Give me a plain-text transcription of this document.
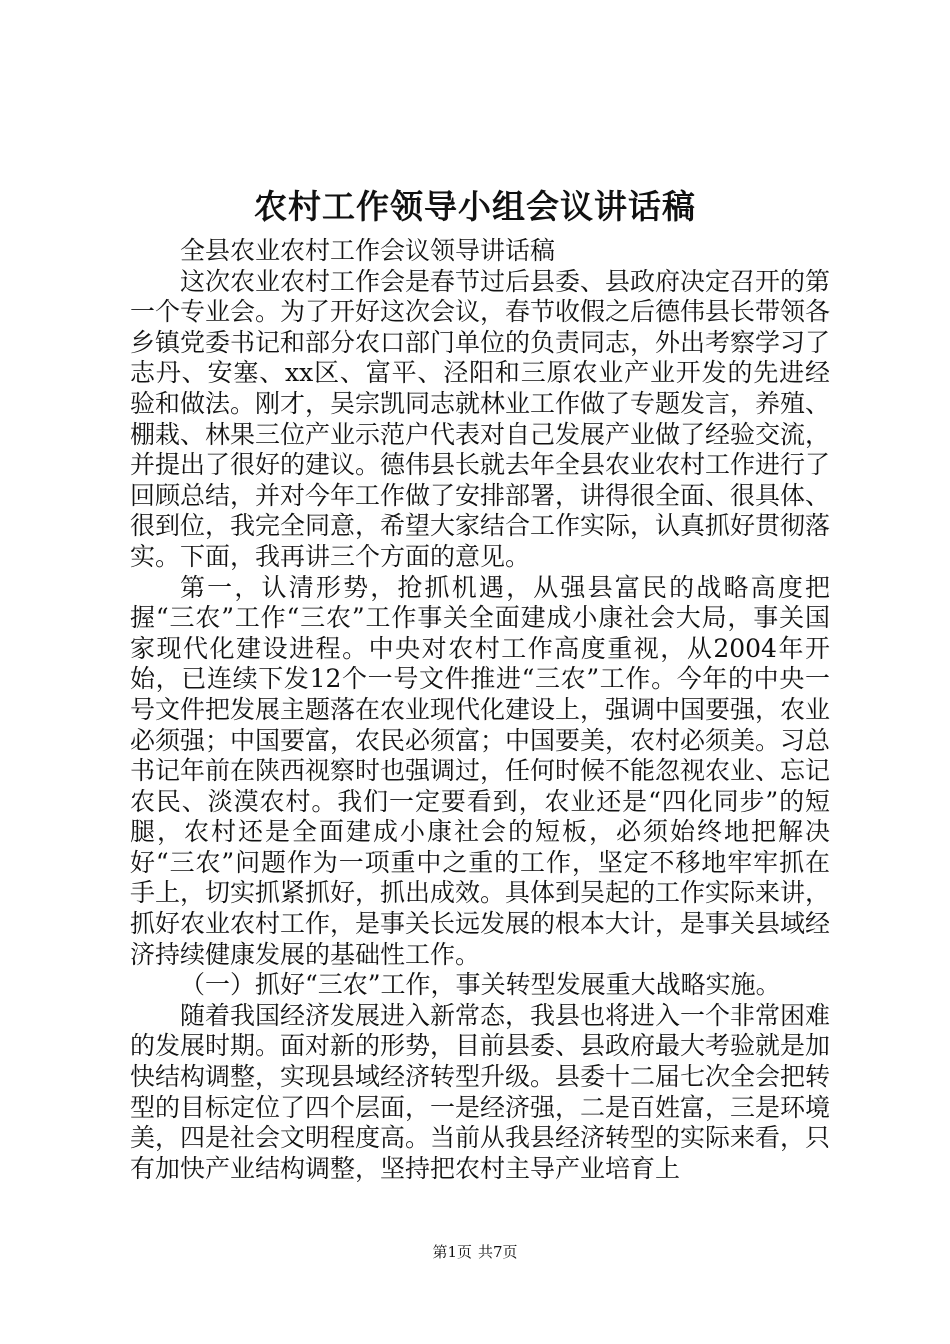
农村工作领导小组会议讲话稿

全县农业农村工作会议领导讲话稿

这次农业农村工作会是春节过后县委、县政府决定召开的第一个专业会。为了开好这次会议，春节收假之后德伟县长带领各乡镇党委书记和部分农口部门单位的负责同志，外出考察学习了志丹、安塞、xx区、富平、泾阳和三原农业产业开发的先进经验和做法。刚才，吴宗凯同志就林业工作做了专题发言，养殖、棚栽、林果三位产业示范户代表对自己发展产业做了经验交流，并提出了很好的建议。德伟县长就去年全县农业农村工作进行了回顾总结，并对今年工作做了安排部署，讲得很全面、很具体、很到位，我完全同意，希望大家结合工作实际，认真抓好贯彻落实。下面，我再讲三个方面的意见。

第一，认清形势，抢抓机遇，从强县富民的战略高度把握“三农”工作“三农”工作事关全面建成小康社会大局，事关国家现代化建设进程。中央对农村工作高度重视，从2004年开始，已连续下发12个一号文件推进“三农”工作。今年的中央一号文件把发展主题落在农业现代化建设上，强调中国要强，农业必须强；中国要富，农民必须富；中国要美，农村必须美。习总书记年前在陕西视察时也强调过，任何时候不能忽视农业、忘记农民、淡漠农村。我们一定要看到，农业还是“四化同步”的短腿，农村还是全面建成小康社会的短板，必须始终地把解决好“三农”问题作为一项重中之重的工作，坚定不移地牢牢抓在手上，切实抓紧抓好，抓出成效。具体到吴起的工作实际来讲，抓好农业农村工作，是事关长远发展的根本大计，是事关县域经济持续健康发展的基础性工作。

（一）抓好“三农”工作，事关转型发展重大战略实施。

随着我国经济发展进入新常态，我县也将进入一个非常困难的发展时期。面对新的形势，目前县委、县政府最大考验就是加快结构调整，实现县域经济转型升级。县委十二届七次全会把转型的目标定位了四个层面，一是经济强，二是百姓富，三是环境美，四是社会文明程度高。当前从我县经济转型的实际来看，只有加快产业结构调整，坚持把农村主导产业培育上

第1页 共7页
